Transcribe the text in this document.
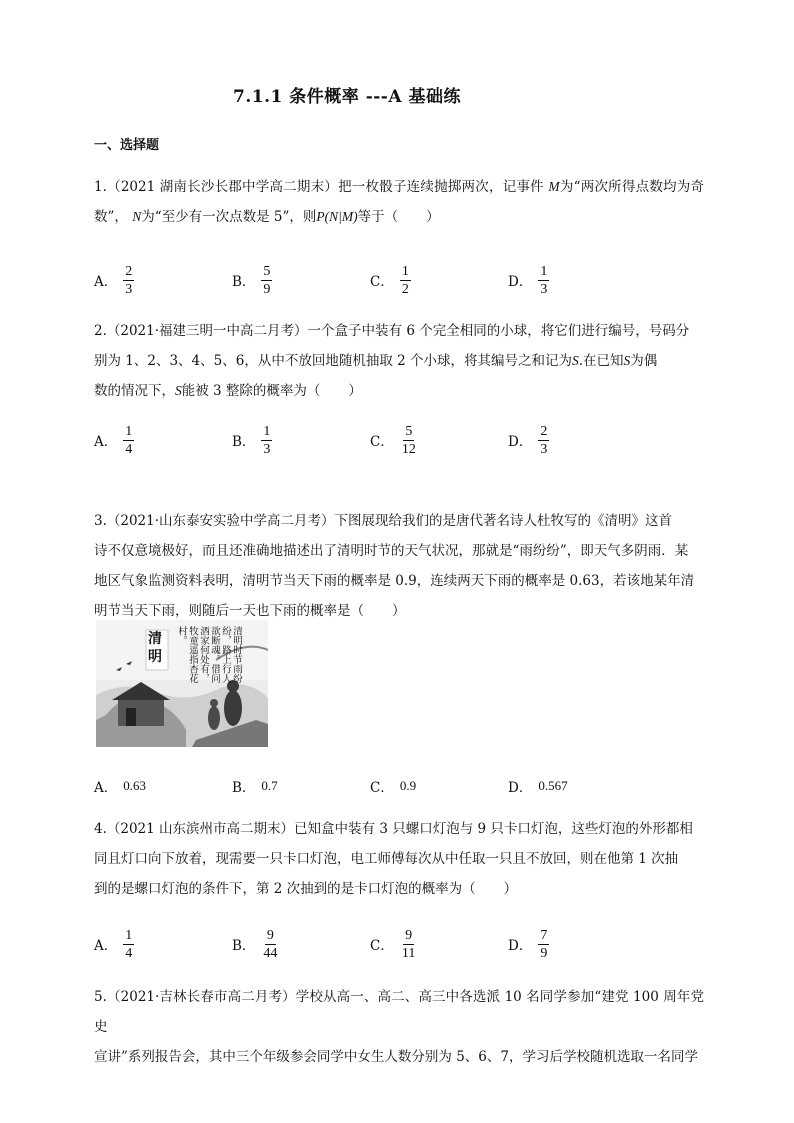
7.1.1 条件概率 ---A 基础练
一、选择题
1.（2021 湖南长沙长郡中学高二期末）把一枚骰子连续抛掷两次，记事件 M为“两次所得点数均为奇数”， N为“至少有一次点数是 5”，则P(N|M)等于（ ）
A． $\frac{2}{3}$	B． $\frac{5}{9}$	C． $\frac{1}{2}$	D． $\frac{1}{3}$
2.（2021·福建三明一中高二月考）一个盒子中装有 6 个完全相同的小球，将它们进行编号，号码分
别为 1、2、3、4、5、6，从中不放回地随机抽取 2 个小球，将其编号之和记为S.在已知S为偶
数的情况下，S能被 3 整除的概率为（ ）
A． $\frac{1}{4}$	B． $\frac{1}{3}$	C． $\frac{5}{12}$	D． $\frac{2}{3}$
3.（2021·山东泰安实验中学高二月考）下图展现给我们的是唐代著名诗人杜牧写的《清明》这首
诗不仅意境极好，而且还准确地描述出了清明时节的天气状况，那就是“雨纷纷”，即天气多阴雨．某
地区气象监测资料表明，清明节当天下雨的概率是 0.9，连续两天下雨的概率是 0.63，若该地某年清
明节当天下雨，则随后一天也下雨的概率是（ ）
清明	清明时节雨纷纷，路上行人欲断魂。借问酒家何处有，牧童遥指杏花村。
A． 0.63	B． 0.7	C． 0.9	D． 0.567
4.（2021 山东滨州市高二期末）已知盒中装有 3 只螺口灯泡与 9 只卡口灯泡，这些灯泡的外形都相
同且灯口向下放着，现需要一只卡口灯泡，电工师傅每次从中任取一只且不放回，则在他第 1 次抽
到的是螺口灯泡的条件下，第 2 次抽到的是卡口灯泡的概率为（ ）
A． $\frac{1}{4}$	B． $\frac{9}{44}$	C． $\frac{9}{11}$	D． $\frac{7}{9}$
5.（2021·吉林长春市高二月考）学校从高一、高二、高三中各选派 10 名同学参加“建党 100 周年党史
宣讲”系列报告会，其中三个年级参会同学中女生人数分别为 5、6、7，学习后学校随机选取一名同学
